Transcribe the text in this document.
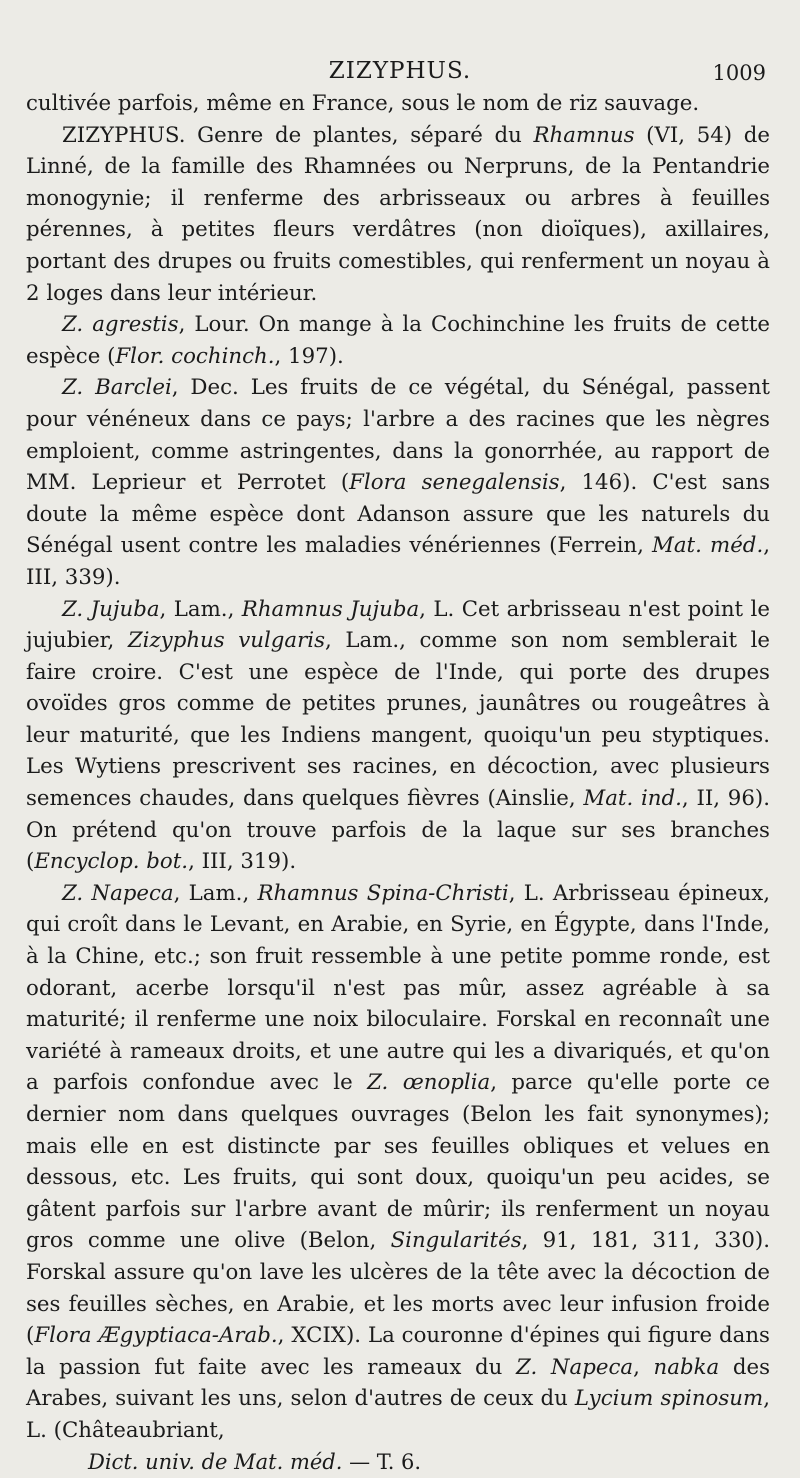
ZIZYPHUS.	1009

cultivée parfois, même en France, sous le nom de riz sauvage.

ZIZYPHUS. Genre de plantes, séparé du Rhamnus (VI, 54) de Linné, de la famille des Rhamnées ou Nerpruns, de la Pentandrie monogynie; il renferme des arbrisseaux ou arbres à feuilles pérennes, à petites fleurs verdâtres (non dioïques), axillaires, portant des drupes ou fruits comestibles, qui renferment un noyau à 2 loges dans leur intérieur.

Z. agrestis, Lour. On mange à la Cochinchine les fruits de cette espèce (Flor. cochinch., 197).

Z. Barclei, Dec. Les fruits de ce végétal, du Sénégal, passent pour vénéneux dans ce pays; l'arbre a des racines que les nègres emploient, comme astringentes, dans la gonorrhée, au rapport de MM. Leprieur et Perrotet (Flora senegalensis, 146). C'est sans doute la même espèce dont Adanson assure que les naturels du Sénégal usent contre les maladies vénériennes (Ferrein, Mat. méd., III, 339).

Z. Jujuba, Lam., Rhamnus Jujuba, L. Cet arbrisseau n'est point le jujubier, Zizyphus vulgaris, Lam., comme son nom semblerait le faire croire. C'est une espèce de l'Inde, qui porte des drupes ovoïdes gros comme de petites prunes, jaunâtres ou rougeâtres à leur maturité, que les Indiens mangent, quoiqu'un peu styptiques. Les Wytiens prescrivent ses racines, en décoction, avec plusieurs semences chaudes, dans quelques fièvres (Ainslie, Mat. ind., II, 96). On prétend qu'on trouve parfois de la laque sur ses branches (Encyclop. bot., III, 319).

Z. Napeca, Lam., Rhamnus Spina-Christi, L. Arbrisseau épineux, qui croît dans le Levant, en Arabie, en Syrie, en Égypte, dans l'Inde, à la Chine, etc.; son fruit ressemble à une petite pomme ronde, est odorant, acerbe lorsqu'il n'est pas mûr, assez agréable à sa maturité; il renferme une noix biloculaire. Forskal en reconnaît une variété à rameaux droits, et une autre qui les a divariqués, et qu'on a parfois confondue avec le Z. œnoplia, parce qu'elle porte ce dernier nom dans quelques ouvrages (Belon les fait synonymes); mais elle en est distincte par ses feuilles obliques et velues en dessous, etc. Les fruits, qui sont doux, quoiqu'un peu acides, se gâtent parfois sur l'arbre avant de mûrir; ils renferment un noyau gros comme une olive (Belon, Singularités, 91, 181, 311, 330). Forskal assure qu'on lave les ulcères de la tête avec la décoction de ses feuilles sèches, en Arabie, et les morts avec leur infusion froide (Flora Ægyptiaca-Arab., XCIX). La couronne d'épines qui figure dans la passion fut faite avec les rameaux du Z. Napeca, nabka des Arabes, suivant les uns, selon d'autres de ceux du Lycium spinosum, L. (Châteaubriant,

Dict. univ. de Mat. méd. — T. 6.
